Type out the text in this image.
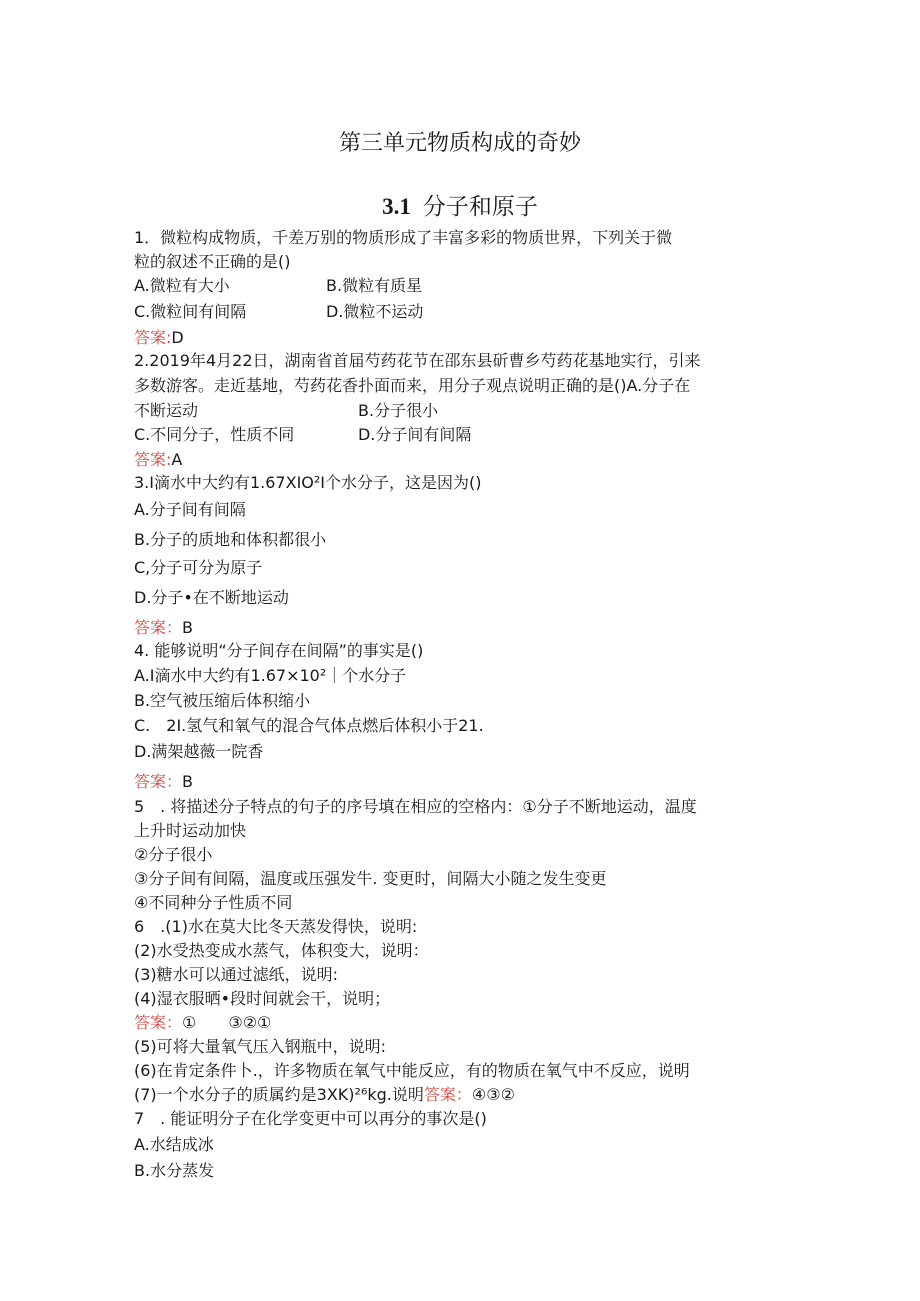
第三单元物质构成的奇妙
3.1 分子和原子
1．微粒构成物质，千差万别的物质形成了丰富多彩的物质世界，下列关于微
粒的叙述不正确的是()
A.微粒有大小	B.微粒有质星
C.微粒间有间隔	D.微粒不运动
答案:D
2.2019年4月22日，湖南省首届芍药花节在邵东县斫曹乡芍药花基地实行，引来
多数游客。走近基地，芍药花香扑面而来，用分子观点说明正确的是()A.分子在
不断运动	B.分子很小
C.不同分子，性质不同	D.分子间有间隔
答案:A
3.I滴水中大约有1.67XIO²I个水分子，这是因为()
A.分子间有间隔
B.分子的质地和体积都很小
C,分子可分为原子
D.分子•在不断地运动
答案：B
4. 能够说明“分子间存在间隔”的事实是()
A.I滴水中大约有1.67×10²｜个水分子
B.空气被压缩后体积缩小
C.　2I.氢气和氧气的混合气体点燃后体积小于21.
D.满架越薇一院香
答案：B
5　. 将描述分子特点的句子的序号填在相应的空格内：①分子不断地运动，温度
上升时运动加快
②分子很小
③分子间有间隔，温度或压强发牛. 变更时，间隔大小随之发生变更
④不同种分子性质不同
6　.(1)水在莫大比冬天蒸发得快，说明:
(2)水受热变成水蒸气，体积变大，说明：
(3)糖水可以通过滤纸，说明:
(4)湿衣服晒•段时间就会干，说明；
答案：①　　③②①
(5)可将大量氧气压入钢瓶中，说明:
(6)在肯定条件卜.，许多物质在氧气中能反应，有的物质在氧气中不反应，说明
(7)一个水分子的质属约是3XK)²⁶kg.说明答案：④③②
7　. 能证明分子在化学变更中可以再分的事次是()
A.水结成冰
B.水分蒸发
